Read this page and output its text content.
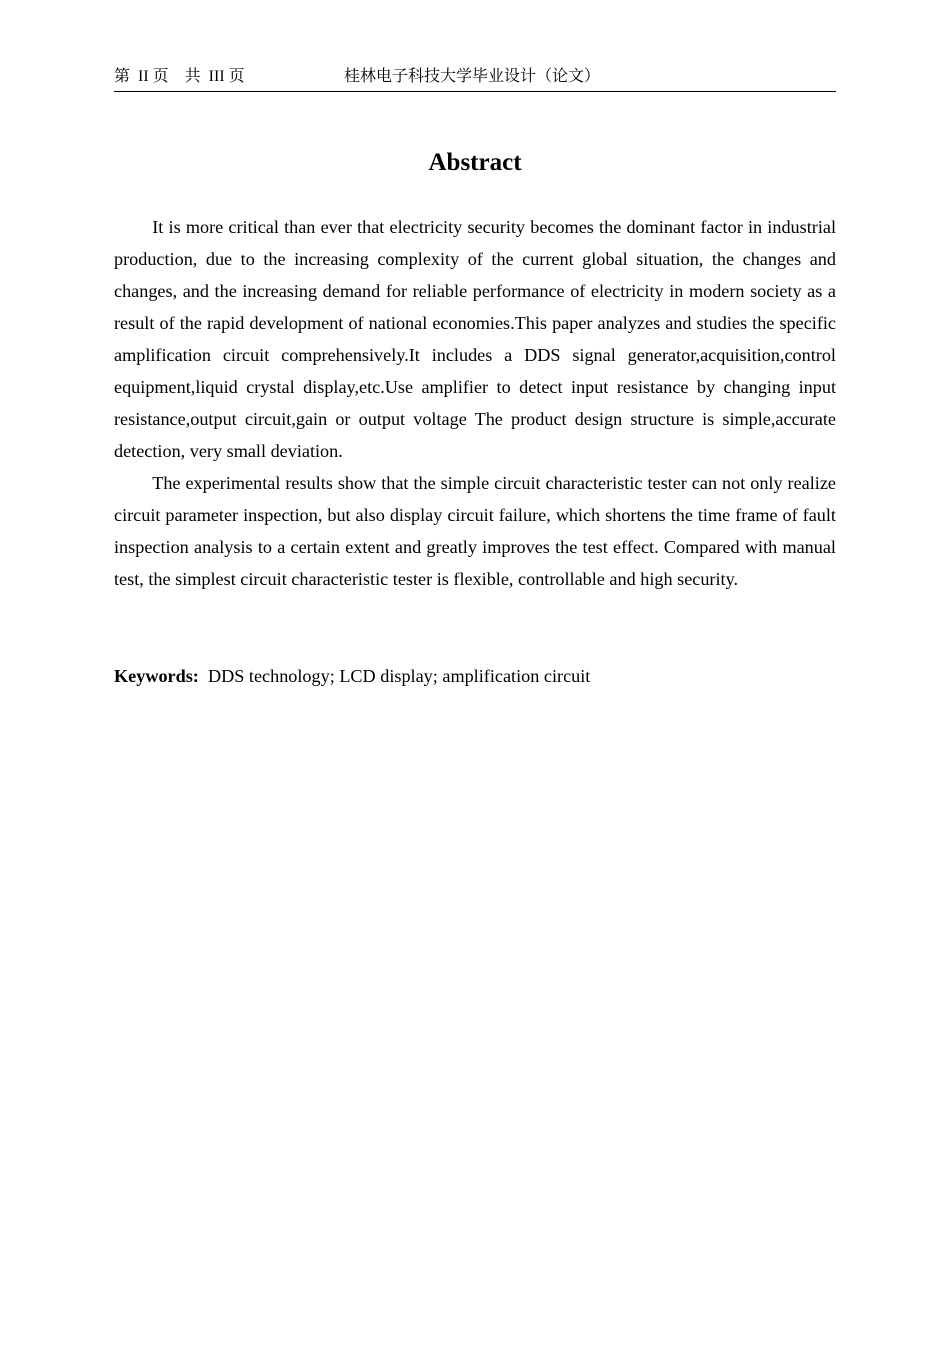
第  II 页    共  III 页	桂林电子科技大学毕业设计（论文）
Abstract

It is more critical than ever that electricity security becomes the dominant factor in industrial production, due to the increasing complexity of the current global situation, the changes and changes, and the increasing demand for reliable performance of electricity in modern society as a result of the rapid development of national economies.This paper analyzes and studies the specific amplification circuit comprehensively.It includes a DDS signal generator,acquisition,control equipment,liquid crystal display,etc.Use amplifier to detect input resistance by changing input resistance,output circuit,gain or output voltage The product design structure is simple,accurate detection, very small deviation.

The experimental results show that the simple circuit characteristic tester can not only realize circuit parameter inspection, but also display circuit failure, which shortens the time frame of fault inspection analysis to a certain extent and greatly improves the test effect. Compared with manual test, the simplest circuit characteristic tester is flexible, controllable and high security.

Keywords: DDS technology; LCD display; amplification circuit
